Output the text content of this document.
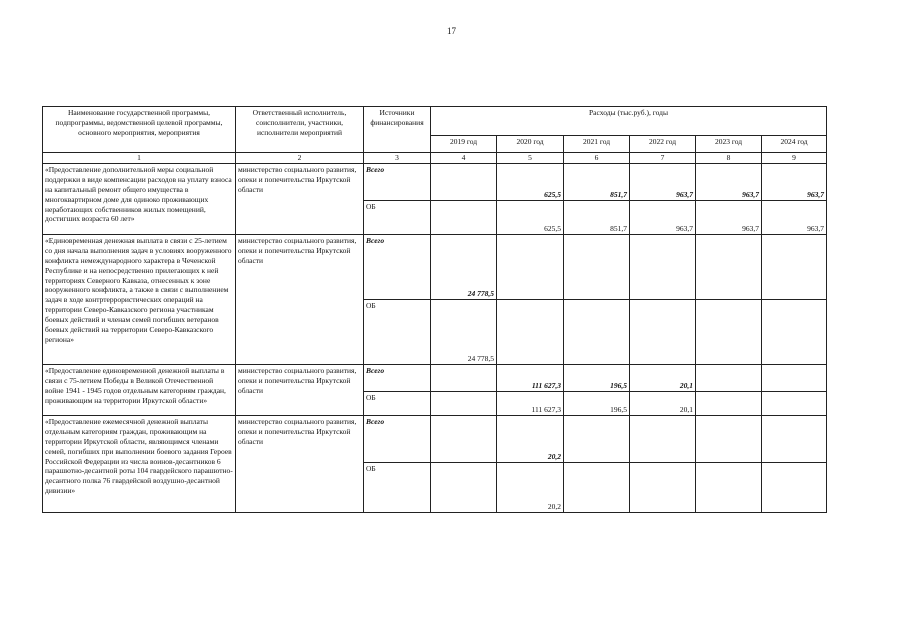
17
Наименование государственной программы, подпрограммы, ведомственной целевой программы, основного мероприятия, мероприятия	Ответственный исполнитель, соисполнители, участники, исполнители мероприятий	Источники финансирования	Расходы (тыс.руб.), годы					
			2019 год	2020 год	2021 год	2022 год	2023 год	2024 год
1	2	3	4	5	6	7	8	9
«Предоставление дополнительной меры социальной поддержки в виде компенсации расходов на уплату взноса на капитальный ремонт общего имущества в многоквартирном доме для одиноко проживающих неработающих собственников жилых помещений, достигших возраста 60 лет»	министерство социального развития, опеки и попечительства Иркутской области	Всего		625,5	851,7	963,7	963,7	963,7
		ОБ		625,5	851,7	963,7	963,7	963,7
«Единовременная денежная выплата в связи с 25-летием со дня начала выполнения задач в условиях вооруженного конфликта немеждународного характера в Чеченской Республике и на непосредственно прилегающих к ней территориях Северного Кавказа, отнесенных к зоне вооруженного конфликта, а также в связи с выполнением задач в ходе контртеррористических операций на территории Северо-Кавказского региона участникам боевых действий и членам семей погибших ветеранов боевых действий на территории Северо-Кавказского региона»	министерство социального развития, опеки и попечительства Иркутской области	Всего	24 778,5					
		ОБ	24 778,5					
«Предоставление единовременной денежной выплаты в связи с 75-летием Победы в Великой Отечественной войне 1941 - 1945 годов отдельным категориям граждан, проживающим на территории Иркутской области»	министерство социального развития, опеки и попечительства Иркутской области	Всего		111 627,3	196,5	20,1		
		ОБ		111 627,3	196,5	20,1		
«Предоставление ежемесячной денежной выплаты отдельным категориям граждан, проживающим на территории Иркутской области, являющимся членами семей, погибших при выполнении боевого задания Героев Российской Федерации из числа воинов-десантников 6 парашютно-десантной роты 104 гвардейского парашютно-десантного полка 76 гвардейской воздушно-десантной дивизии»	министерство социального развития, опеки и попечительства Иркутской области	Всего		20,2				
		ОБ		20,2				
